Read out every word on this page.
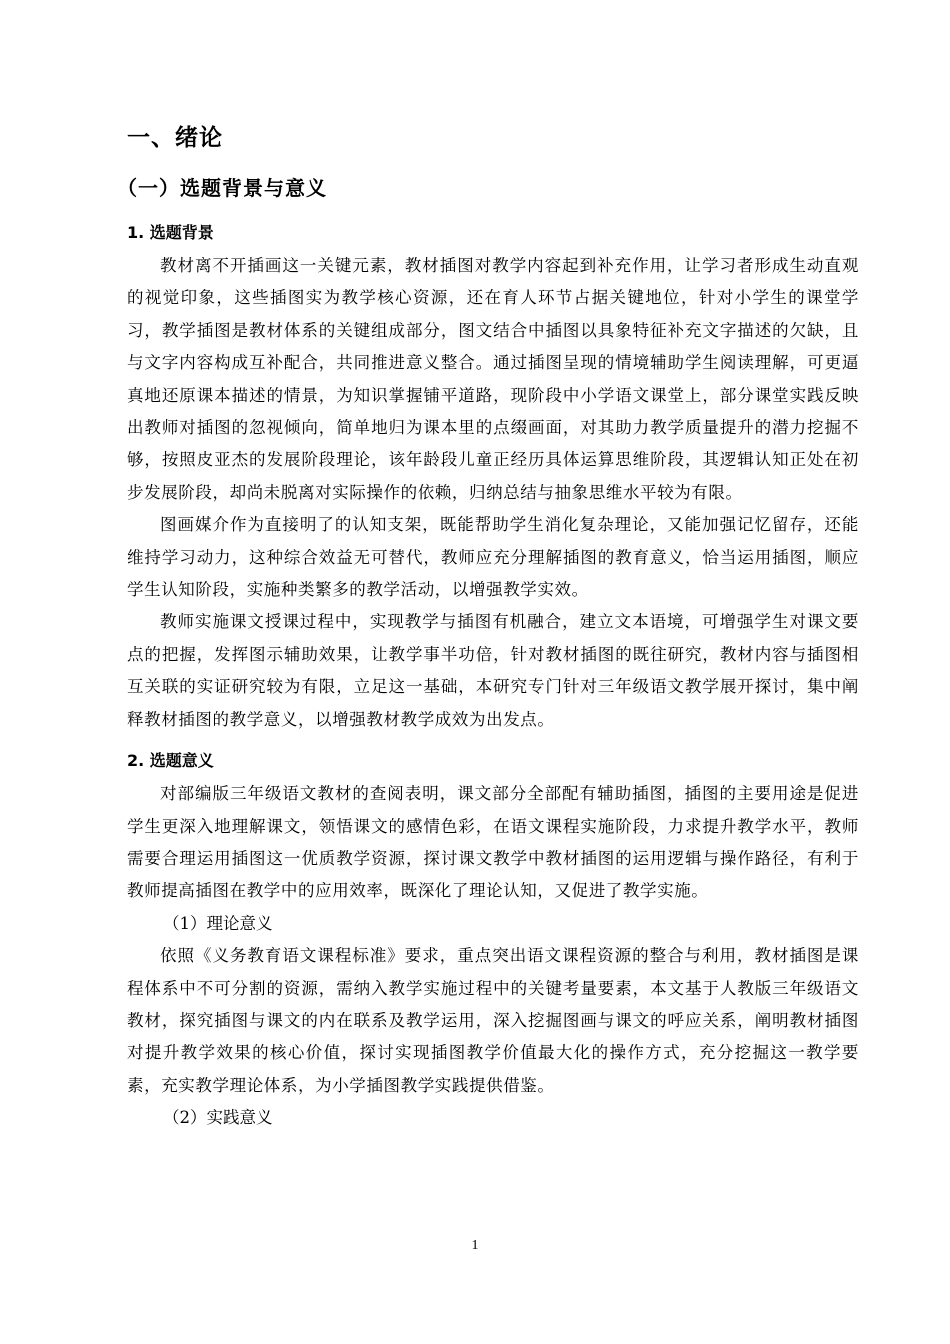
一、绪论
（一）选题背景与意义
1. 选题背景

教材离不开插画这一关键元素，教材插图对教学内容起到补充作用，让学习者形成生动直观的视觉印象，这些插图实为教学核心资源，还在育人环节占据关键地位，针对小学生的课堂学习，教学插图是教材体系的关键组成部分，图文结合中插图以具象特征补充文字描述的欠缺，且与文字内容构成互补配合，共同推进意义整合。通过插图呈现的情境辅助学生阅读理解，可更逼真地还原课本描述的情景，为知识掌握铺平道路，现阶段中小学语文课堂上，部分课堂实践反映出教师对插图的忽视倾向，简单地归为课本里的点缀画面，对其助力教学质量提升的潜力挖掘不够，按照皮亚杰的发展阶段理论，该年龄段儿童正经历具体运算思维阶段，其逻辑认知正处在初步发展阶段，却尚未脱离对实际操作的依赖，归纳总结与抽象思维水平较为有限。

图画媒介作为直接明了的认知支架，既能帮助学生消化复杂理论，又能加强记忆留存，还能维持学习动力，这种综合效益无可替代，教师应充分理解插图的教育意义，恰当运用插图，顺应学生认知阶段，实施种类繁多的教学活动，以增强教学实效。

教师实施课文授课过程中，实现教学与插图有机融合，建立文本语境，可增强学生对课文要点的把握，发挥图示辅助效果，让教学事半功倍，针对教材插图的既往研究，教材内容与插图相互关联的实证研究较为有限，立足这一基础，本研究专门针对三年级语文教学展开探讨，集中阐释教材插图的教学意义，以增强教材教学成效为出发点。

2. 选题意义

对部编版三年级语文教材的查阅表明，课文部分全部配有辅助插图，插图的主要用途是促进学生更深入地理解课文，领悟课文的感情色彩，在语文课程实施阶段，力求提升教学水平，教师需要合理运用插图这一优质教学资源，探讨课文教学中教材插图的运用逻辑与操作路径，有利于教师提高插图在教学中的应用效率，既深化了理论认知，又促进了教学实施。

（1）理论意义

依照《义务教育语文课程标准》要求，重点突出语文课程资源的整合与利用，教材插图是课程体系中不可分割的资源，需纳入教学实施过程中的关键考量要素，本文基于人教版三年级语文教材，探究插图与课文的内在联系及教学运用，深入挖掘图画与课文的呼应关系，阐明教材插图对提升教学效果的核心价值，探讨实现插图教学价值最大化的操作方式，充分挖掘这一教学要素，充实教学理论体系，为小学插图教学实践提供借鉴。

（2）实践意义
1
